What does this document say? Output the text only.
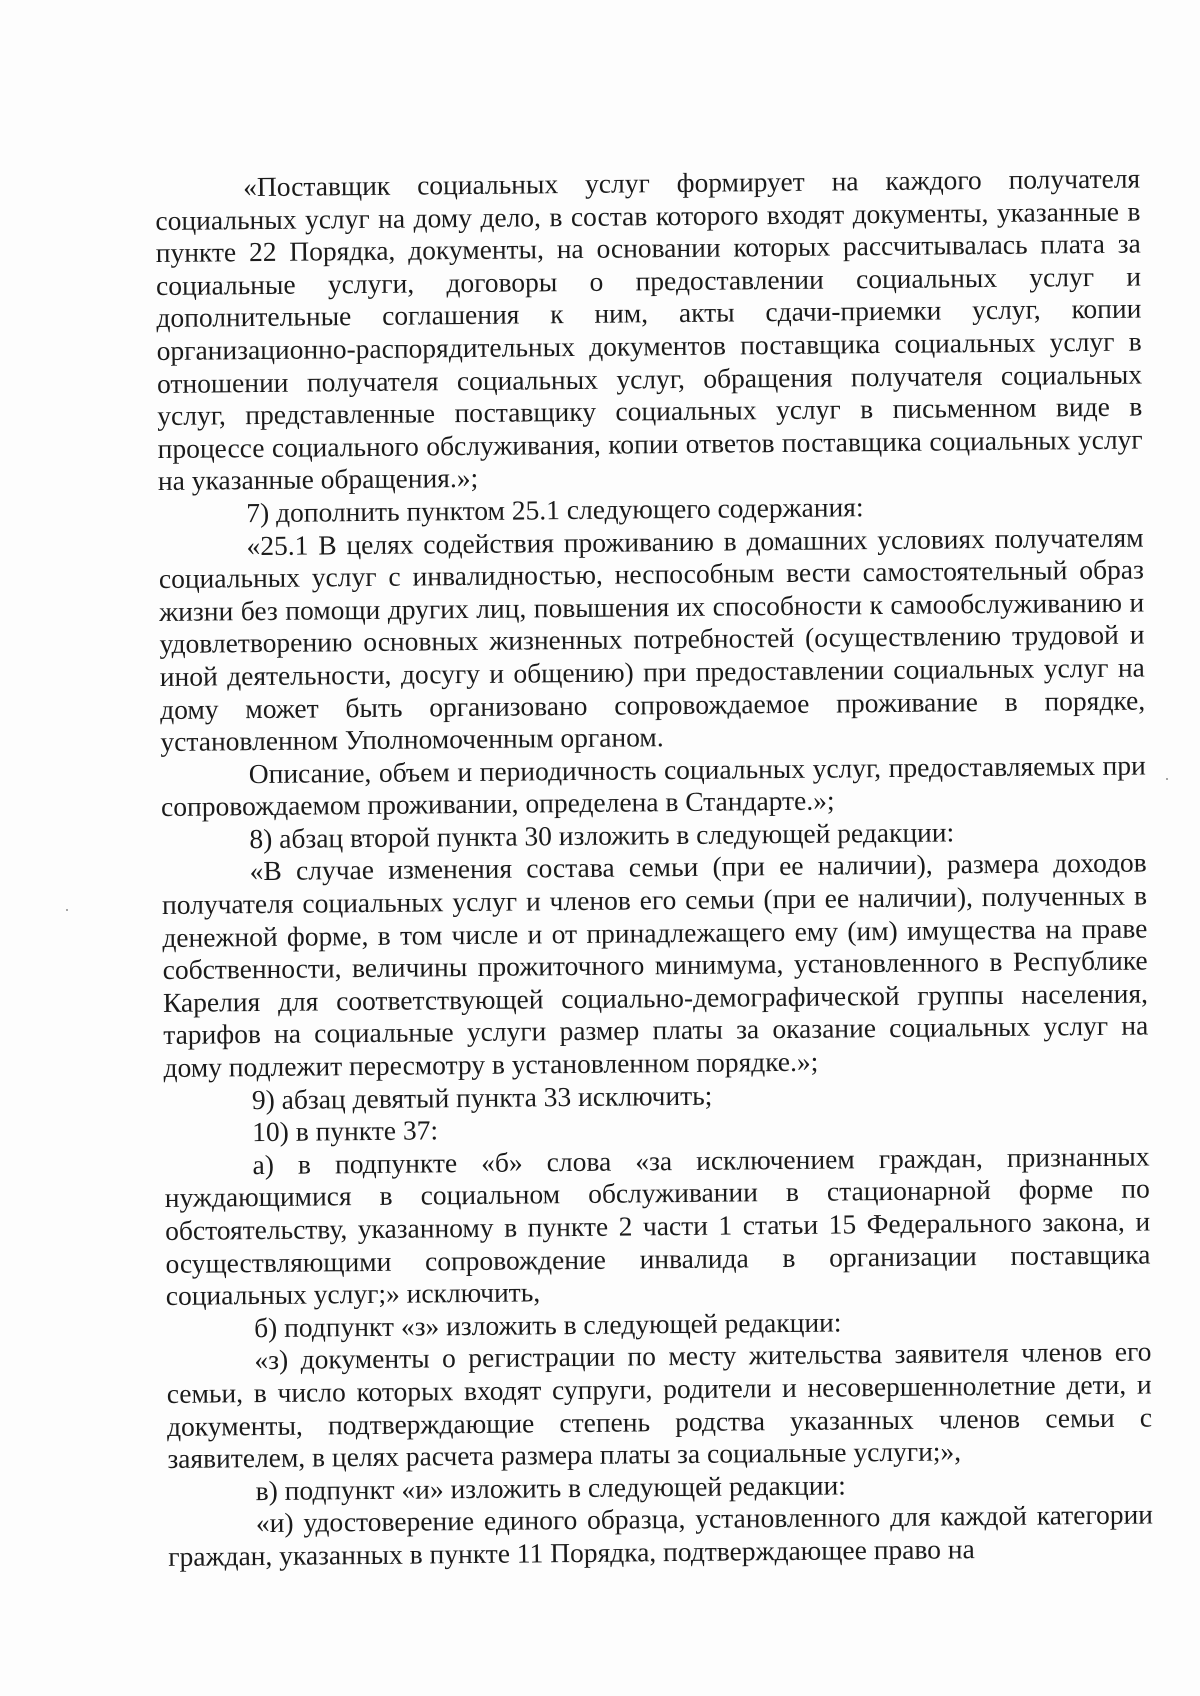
«Поставщик социальных услуг формирует на каждого получателя социальных услуг на дому дело, в состав которого входят документы, указанные в пункте 22 Порядка, документы, на основании которых рассчитывалась плата за социальные услуги, договоры о предоставлении социальных услуг и дополнительные соглашения к ним, акты сдачи-приемки услуг, копии организационно-распорядительных документов поставщика социальных услуг в отношении получателя социальных услуг, обращения получателя социальных услуг, представленные поставщику социальных услуг в письменном виде в процессе социального обслуживания, копии ответов поставщика социальных услуг на указанные обращения.»;

7) дополнить пунктом 25.1 следующего содержания:

«25.1 В целях содействия проживанию в домашних условиях получателям социальных услуг с инвалидностью, неспособным вести самостоятельный образ жизни без помощи других лиц, повышения их способности к самообслуживанию и удовлетворению основных жизненных потребностей (осуществлению трудовой и иной деятельности, досугу и общению) при предоставлении социальных услуг на дому может быть организовано сопровождаемое проживание в порядке, установленном Уполномоченным органом.

Описание, объем и периодичность социальных услуг, предоставляемых при сопровождаемом проживании, определена в Стандарте.»;

8) абзац второй пункта 30 изложить в следующей редакции:

«В случае изменения состава семьи (при ее наличии), размера доходов получателя социальных услуг и членов его семьи (при ее наличии), полученных в денежной форме, в том числе и от принадлежащего ему (им) имущества на праве собственности, величины прожиточного минимума, установленного в Республике Карелия для соответствующей социально-демографической группы населения, тарифов на социальные услуги размер платы за оказание социальных услуг на дому подлежит пересмотру в установленном порядке.»;

9) абзац девятый пункта 33 исключить;

10) в пункте 37:

а) в подпункте «б» слова «за исключением граждан, признанных нуждающимися в социальном обслуживании в стационарной форме по обстоятельству, указанному в пункте 2 части 1 статьи 15 Федерального закона, и осуществляющими сопровождение инвалида в организации поставщика социальных услуг;» исключить,

б) подпункт «з» изложить в следующей редакции:

«з) документы о регистрации по месту жительства заявителя членов его семьи, в число которых входят супруги, родители и несовершеннолетние дети, и документы, подтверждающие степень родства указанных членов семьи с заявителем, в целях расчета размера платы за социальные услуги;»,

в) подпункт «и» изложить в следующей редакции:

«и) удостоверение единого образца, установленного для каждой категории граждан, указанных в пункте 11 Порядка, подтверждающее право на
